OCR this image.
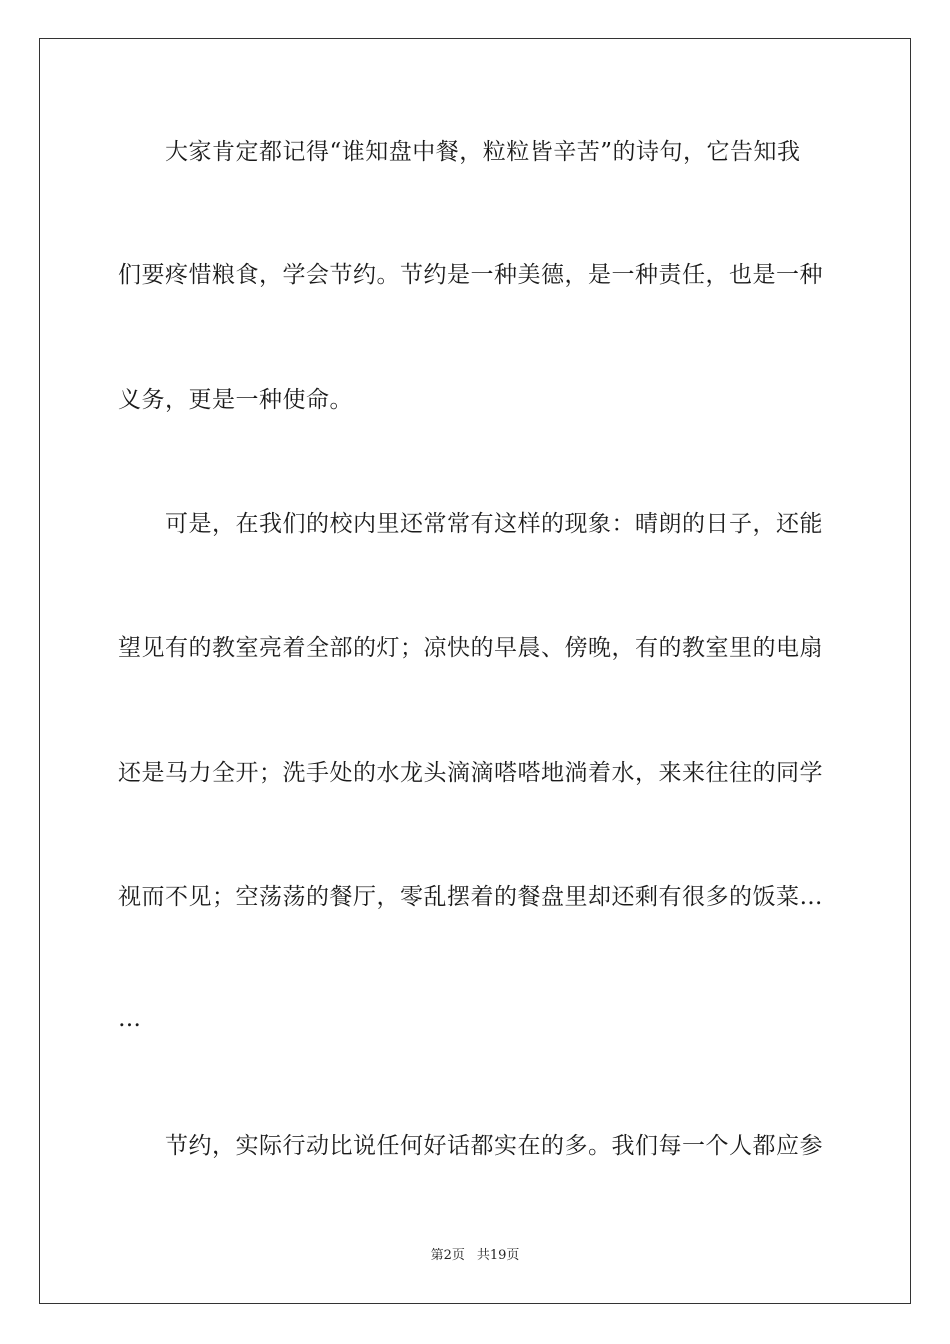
　　大家肯定都记得“谁知盘中餐，粒粒皆辛苦”的诗句，它告知我
们要疼惜粮食，学会节约。节约是一种美德，是一种责任，也是一种
义务，更是一种使命。
　　可是，在我们的校内里还常常有这样的现象：晴朗的日子，还能
望见有的教室亮着全部的灯；凉快的早晨、傍晚，有的教室里的电扇
还是马力全开；洗手处的水龙头滴滴嗒嗒地淌着水，来来往往的同学
视而不见；空荡荡的餐厅，零乱摆着的餐盘里却还剩有很多的饭菜…
…
　　节约，实际行动比说任何好话都实在的多。我们每一个人都应参
第2页 共19页
